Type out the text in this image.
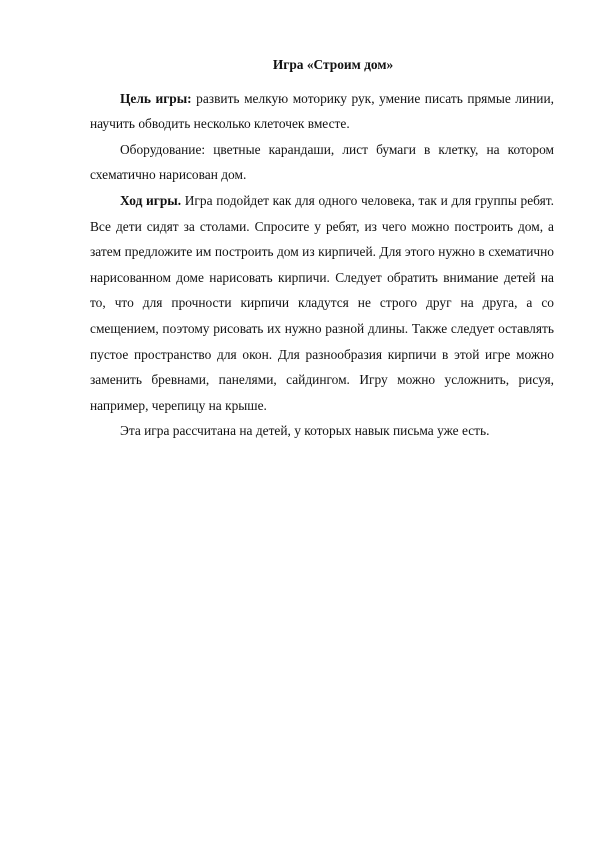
Игра «Строим дом»

Цель игры: развить мелкую моторику рук, умение писать прямые линии, научить обводить несколько клеточек вместе.

Оборудование: цветные карандаши, лист бумаги в клетку, на котором схематично нарисован дом.

Ход игры. Игра подойдет как для одного человека, так и для группы ребят. Все дети сидят за столами. Спросите у ребят, из чего можно построить дом, а затем предложите им построить дом из кирпичей. Для этого нужно в схематично нарисованном доме нарисовать кирпичи. Следует обратить внимание детей на то, что для прочности кирпичи кладутся не строго друг на друга, а со смещением, поэтому рисовать их нужно разной длины. Также следует оставлять пустое пространство для окон. Для разнообразия кирпичи в этой игре можно заменить бревнами, панелями, сайдингом. Игру можно усложнить, рисуя, например, черепицу на крыше.

Эта игра рассчитана на детей, у которых навык письма уже есть.
